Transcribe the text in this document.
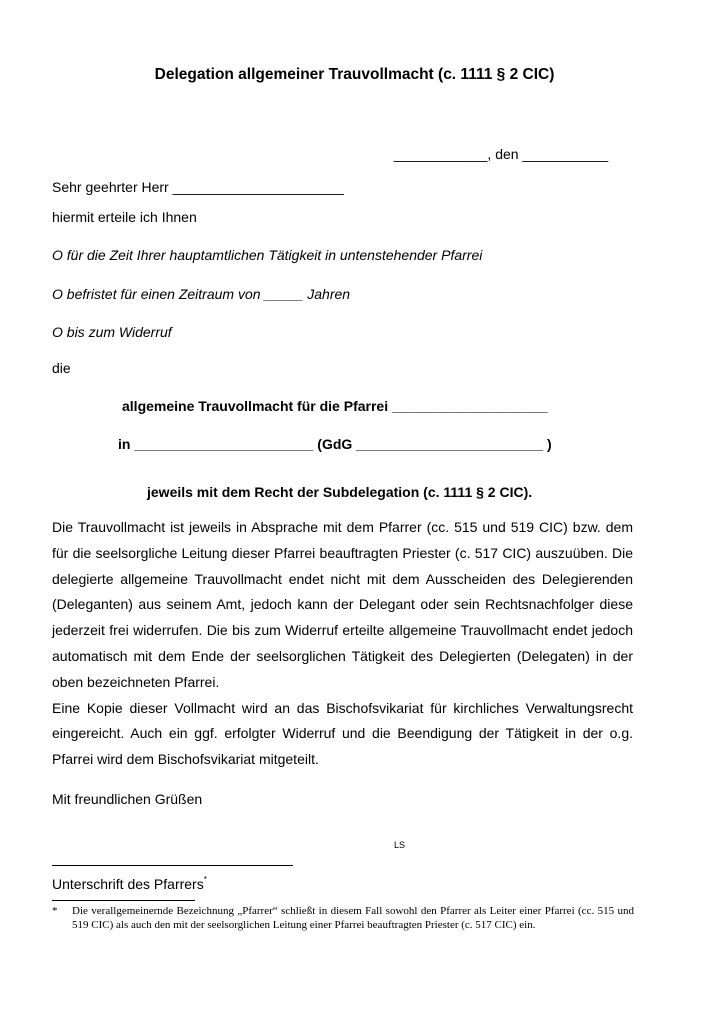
Delegation allgemeiner Trauvollmacht (c. 1111 § 2 CIC)
____________, den ___________
Sehr geehrter Herr ______________________
hiermit erteile ich Ihnen
O für die Zeit Ihrer hauptamtlichen Tätigkeit in untenstehender Pfarrei
O befristet für einen Zeitraum von _____ Jahren
O bis zum Widerruf
die
allgemeine Trauvollmacht für die Pfarrei ____________________
in _______________________ (GdG ________________________ )
jeweils mit dem Recht der Subdelegation (c. 1111 § 2 CIC).

Die Trauvollmacht ist jeweils in Absprache mit dem Pfarrer (cc. 515 und 519 CIC) bzw. dem für die seelsorgliche Leitung dieser Pfarrei beauftragten Priester (c. 517 CIC) auszuüben. Die delegierte allgemeine Trauvollmacht endet nicht mit dem Ausscheiden des Delegierenden (Deleganten) aus seinem Amt, jedoch kann der Delegant oder sein Rechtsnachfolger diese jederzeit frei widerrufen. Die bis zum Widerruf erteilte allgemeine Trauvollmacht endet jedoch automatisch mit dem Ende der seelsorglichen Tätigkeit des Delegierten (Delegaten) in der oben bezeichneten Pfarrei.

Eine Kopie dieser Vollmacht wird an das Bischofsvikariat für kirchliches Verwaltungsrecht eingereicht. Auch ein ggf. erfolgter Widerruf und die Beendigung der Tätigkeit in der o.g. Pfarrei wird dem Bischofsvikariat mitgeteilt.

Mit freundlichen Grüßen
LS
Unterschrift des Pfarrers*
* Die verallgemeinernde Bezeichnung „Pfarrer“ schließt in diesem Fall sowohl den Pfarrer als Leiter einer Pfarrei (cc. 515 und 519 CIC) als auch den mit der seelsorglichen Leitung einer Pfarrei beauftragten Priester (c. 517 CIC) ein.
